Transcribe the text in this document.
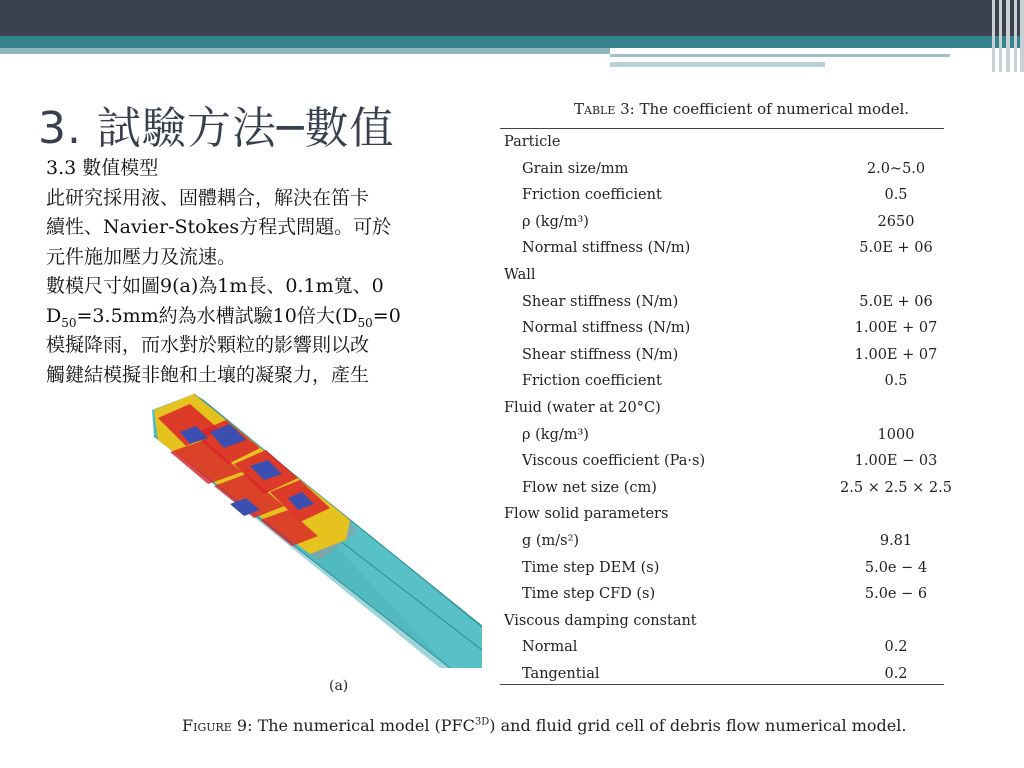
3. 試驗方法─數值
3.3 數值模型
此研究採用液、固體耦合，解決在笛卡
續性、Navier-Stokes方程式問題。可於
元件施加壓力及流速。
數模尺寸如圖9(a)為1m長、0.1m寬、0
$D_{50}=3.5mm$約為水槽試驗10倍大($D_{50}=0$
模擬降雨，而水對於顆粒的影響則以改
觸鍵結模擬非飽和土壤的凝聚力，產生
(a)
Table 3: The coefficient of numerical model.
Particle
Grain size/mm	2.0~5.0
Friction coefficient	0.5
ρ (kg/m³)	2650
Normal stiffness (N/m)	5.0E + 06
Wall
Shear stiffness (N/m)	5.0E + 06
Normal stiffness (N/m)	1.00E + 07
Shear stiffness (N/m)	1.00E + 07
Friction coefficient	0.5
Fluid (water at 20°C)
ρ (kg/m³)	1000
Viscous coefficient (Pa·s)	1.00E − 03
Flow net size (cm)	2.5 × 2.5 × 2.5
Flow solid parameters
g (m/s²)	9.81
Time step DEM (s)	5.0e − 4
Time step CFD (s)	5.0e − 6
Viscous damping constant
Normal	0.2
Tangential	0.2
Figure 9: The numerical model $(PFC^{3D})$ and fluid grid cell of debris flow numerical model.
